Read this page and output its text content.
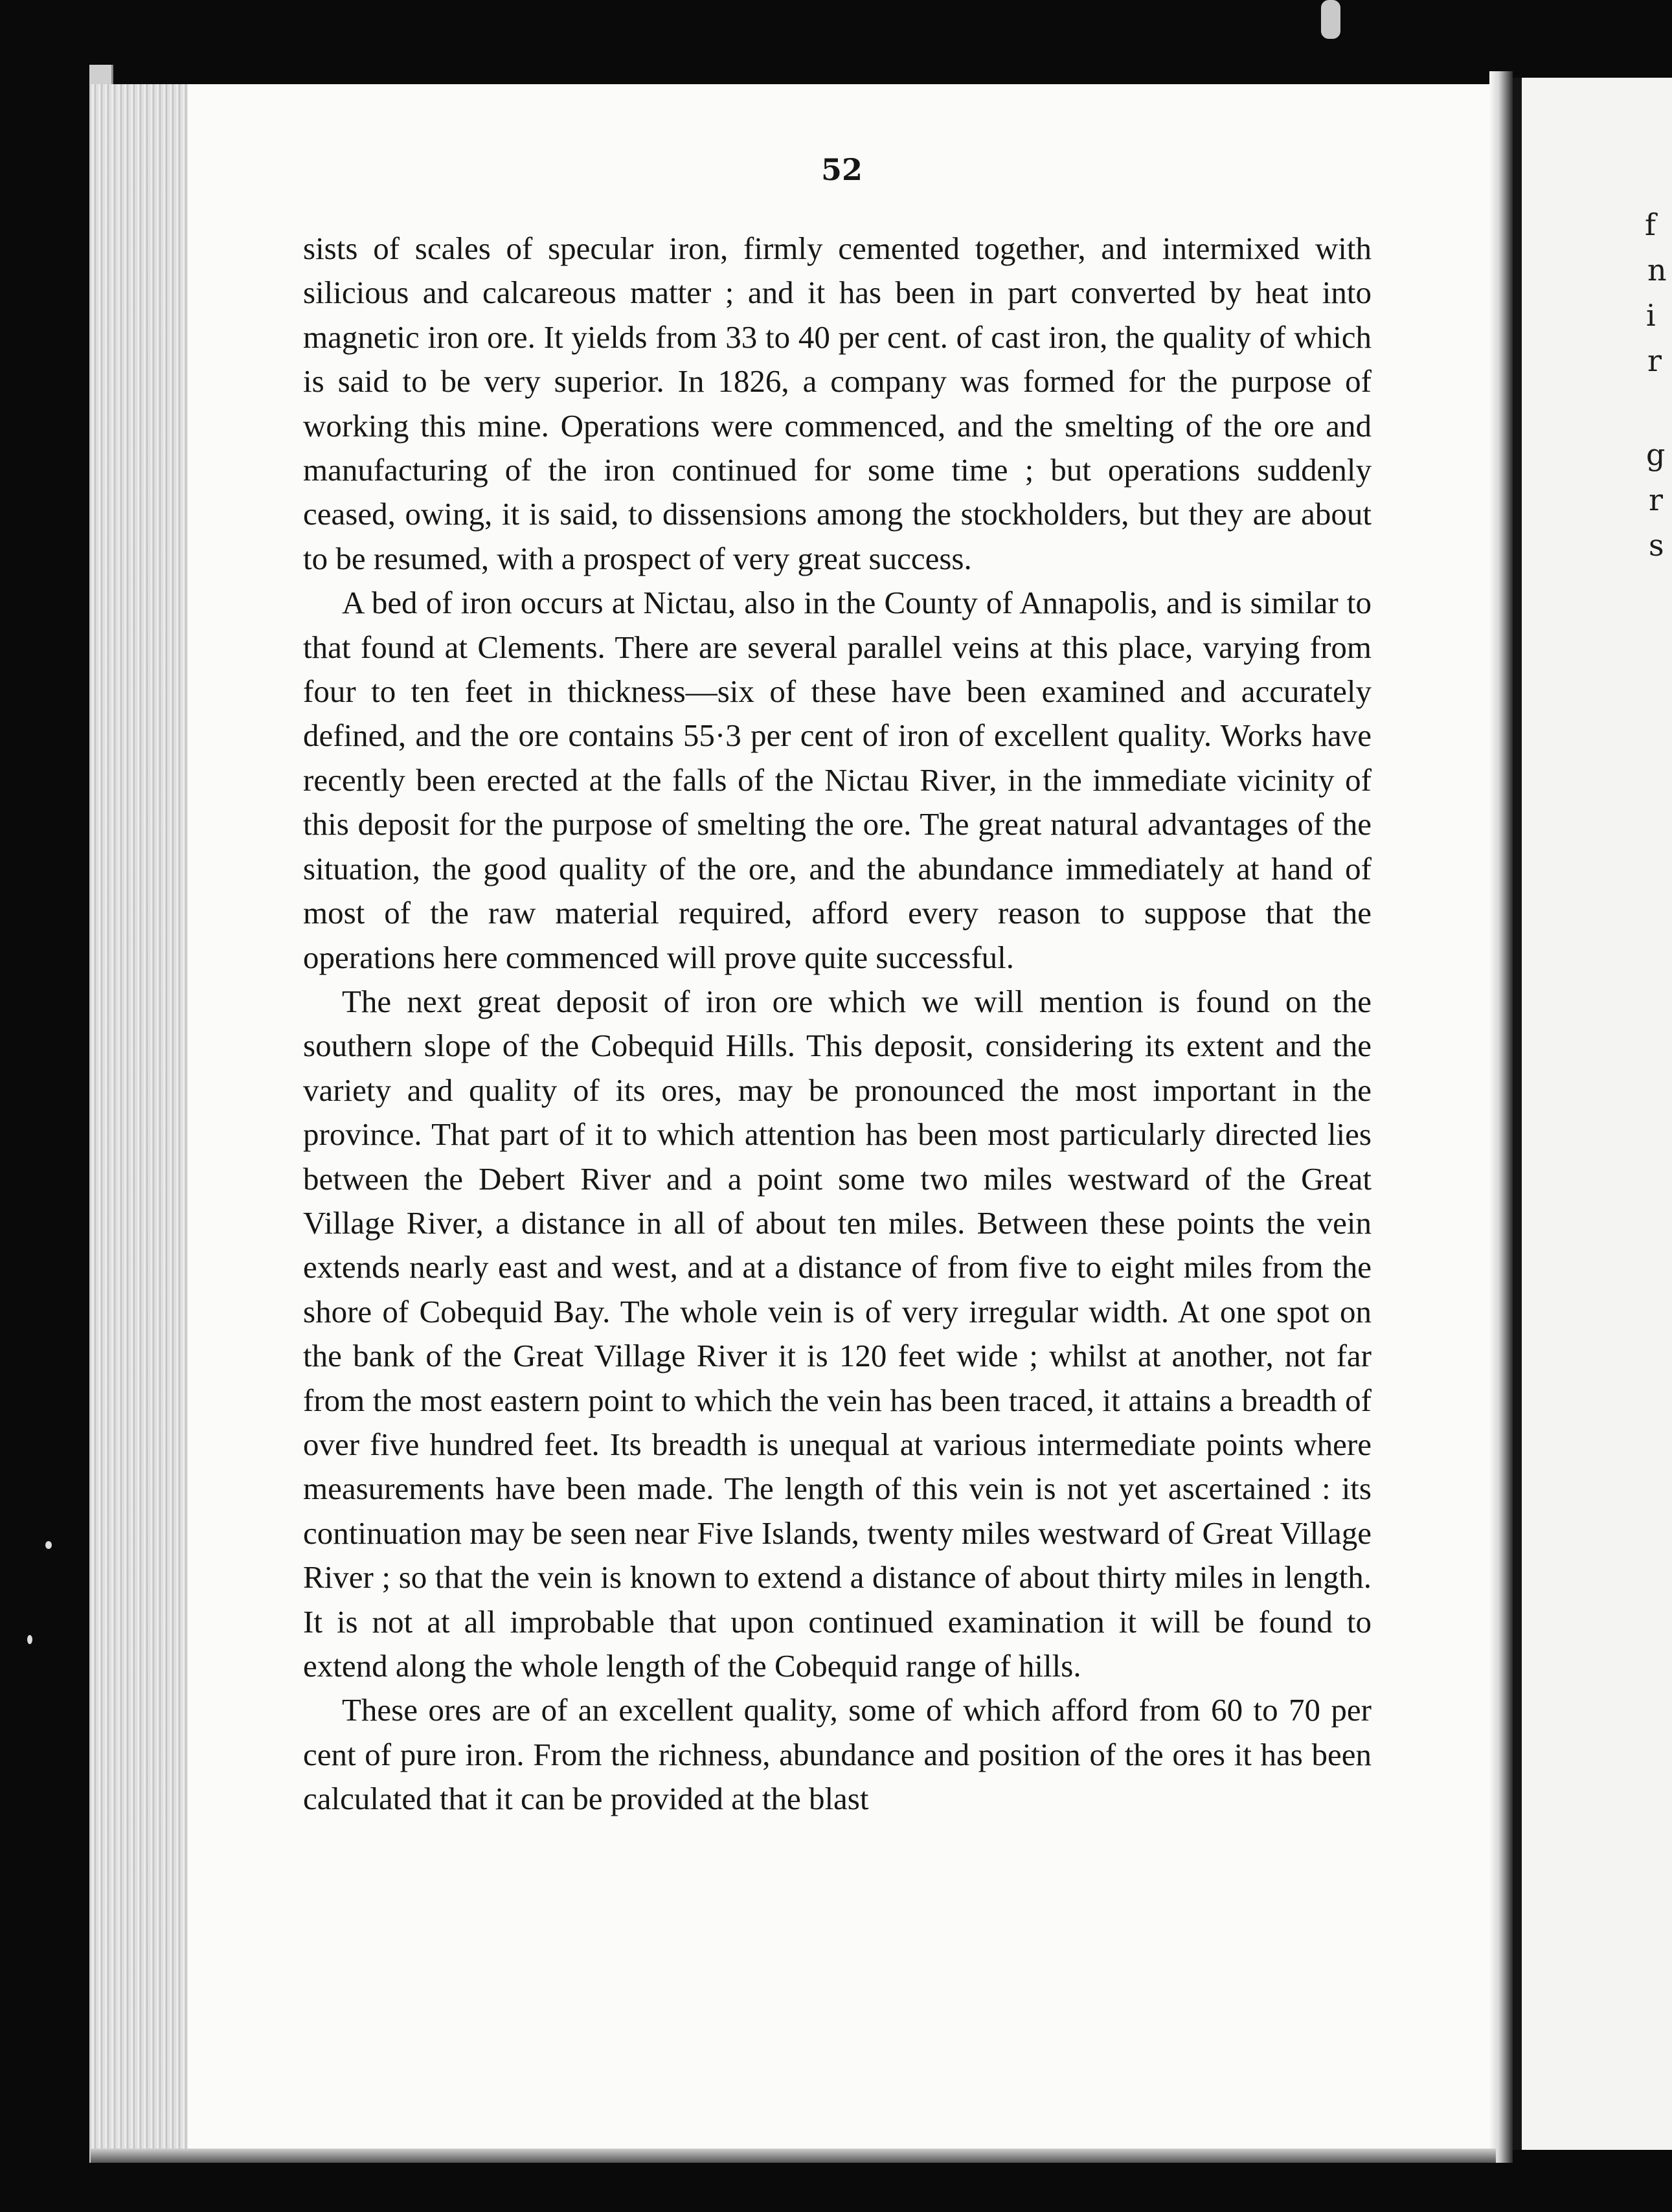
f
n
i
r
g
r
s
52

sists of scales of specular iron, firmly cemented together, and intermixed with silicious and calcareous matter ; and it has been in part converted by heat into magnetic iron ore. It yields from 33 to 40 per cent. of cast iron, the quality of which is said to be very superior. In 1826, a company was formed for the purpose of working this mine. Operations were commenced, and the smelting of the ore and manufacturing of the iron continued for some time ; but operations suddenly ceased, owing, it is said, to dissensions among the stockholders, but they are about to be resumed, with a prospect of very great success.

A bed of iron occurs at Nictau, also in the County of Annapolis, and is similar to that found at Clements. There are several parallel veins at this place, varying from four to ten feet in thickness—six of these have been examined and accurately defined, and the ore contains 55·3 per cent of iron of excellent quality. Works have recently been erected at the falls of the Nictau River, in the immediate vicinity of this deposit for the purpose of smelting the ore. The great natural advantages of the situation, the good quality of the ore, and the abundance immediately at hand of most of the raw material required, afford every reason to suppose that the operations here commenced will prove quite successful.

The next great deposit of iron ore which we will mention is found on the southern slope of the Cobequid Hills. This deposit, considering its extent and the variety and quality of its ores, may be pronounced the most important in the province. That part of it to which attention has been most particularly directed lies between the Debert River and a point some two miles westward of the Great Village River, a distance in all of about ten miles. Between these points the vein extends nearly east and west, and at a distance of from five to eight miles from the shore of Cobequid Bay. The whole vein is of very irregular width. At one spot on the bank of the Great Village River it is 120 feet wide ; whilst at another, not far from the most eastern point to which the vein has been traced, it attains a breadth of over five hundred feet. Its breadth is unequal at various intermediate points where measurements have been made. The length of this vein is not yet ascertained : its continuation may be seen near Five Islands, twenty miles westward of Great Village River ; so that the vein is known to extend a distance of about thirty miles in length. It is not at all improbable that upon continued examination it will be found to extend along the whole length of the Cobequid range of hills.

These ores are of an excellent quality, some of which afford from 60 to 70 per cent of pure iron. From the richness, abundance and position of the ores it has been calculated that it can be provided at the blast
